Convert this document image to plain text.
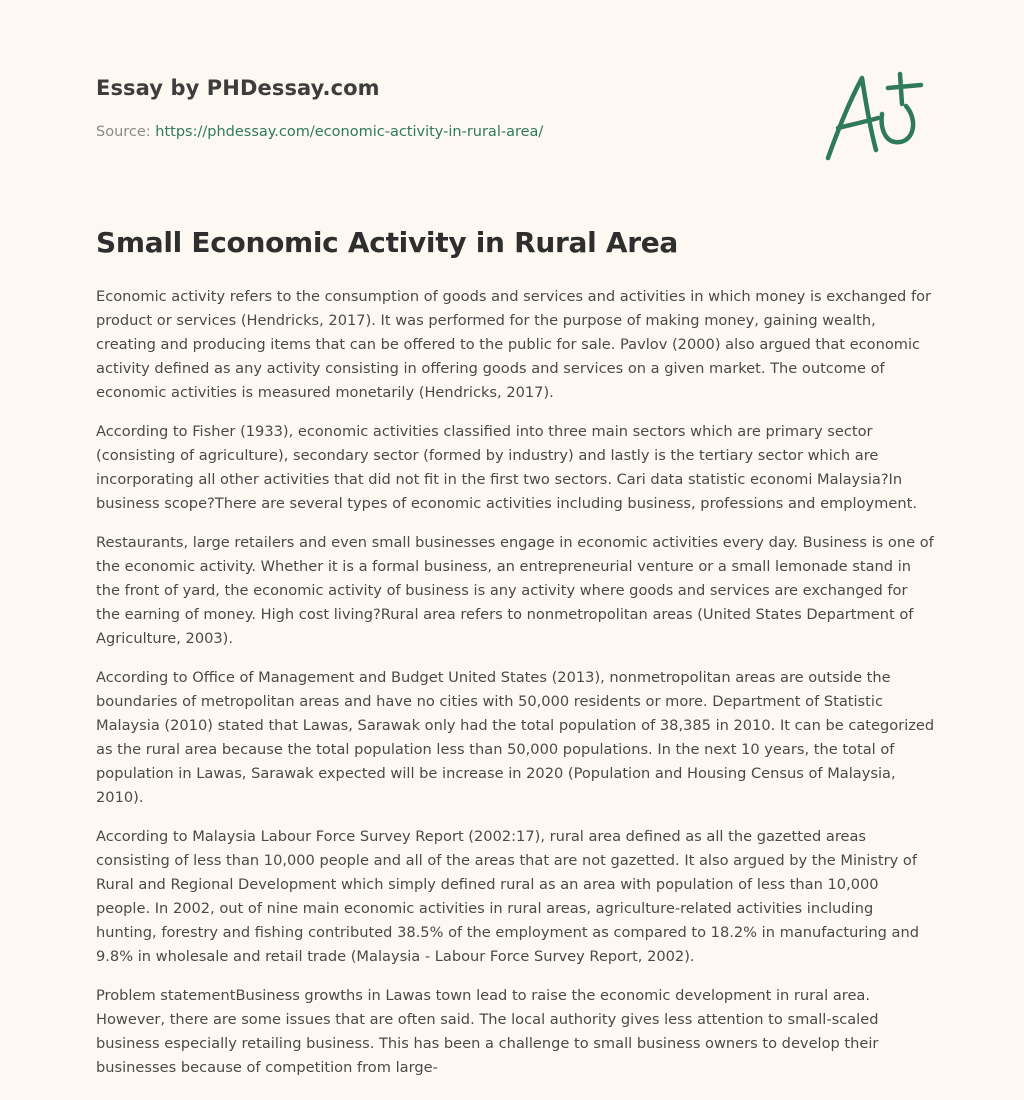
Essay by PHDessay.com
Source: https://phdessay.com/economic-activity-in-rural-area/
Small Economic Activity in Rural Area

Economic activity refers to the consumption of goods and services and activities in which money is exchanged for product or services (Hendricks, 2017). It was performed for the purpose of making money, gaining wealth, creating and producing items that can be offered to the public for sale. Pavlov (2000) also argued that economic activity defined as any activity consisting in offering goods and services on a given market. The outcome of economic activities is measured monetarily (Hendricks, 2017).

According to Fisher (1933), economic activities classified into three main sectors which are primary sector (consisting of agriculture), secondary sector (formed by industry) and lastly is the tertiary sector which are incorporating all other activities that did not fit in the first two sectors. Cari data statistic economi Malaysia?In business scope?There are several types of economic activities including business, professions and employment.

Restaurants, large retailers and even small businesses engage in economic activities every day. Business is one of the economic activity. Whether it is a formal business, an entrepreneurial venture or a small lemonade stand in the front of yard, the economic activity of business is any activity where goods and services are exchanged for the earning of money. High cost living?Rural area refers to nonmetropolitan areas (United States Department of Agriculture, 2003).

According to Office of Management and Budget United States (2013), nonmetropolitan areas are outside the boundaries of metropolitan areas and have no cities with 50,000 residents or more. Department of Statistic Malaysia (2010) stated that Lawas, Sarawak only had the total population of 38,385 in 2010. It can be categorized as the rural area because the total population less than 50,000 populations. In the next 10 years, the total of population in Lawas, Sarawak expected will be increase in 2020 (Population and Housing Census of Malaysia, 2010).

According to Malaysia Labour Force Survey Report (2002:17), rural area defined as all the gazetted areas consisting of less than 10,000 people and all of the areas that are not gazetted. It also argued by the Ministry of Rural and Regional Development which simply defined rural as an area with population of less than 10,000 people. In 2002, out of nine main economic activities in rural areas, agriculture-related activities including hunting, forestry and fishing contributed 38.5% of the employment as compared to 18.2% in manufacturing and 9.8% in wholesale and retail trade (Malaysia - Labour Force Survey Report, 2002).

Problem statementBusiness growths in Lawas town lead to raise the economic development in rural area. However, there are some issues that are often said. The local authority gives less attention to small-scaled business especially retailing business. This has been a challenge to small business owners to develop their businesses because of competition from large-
